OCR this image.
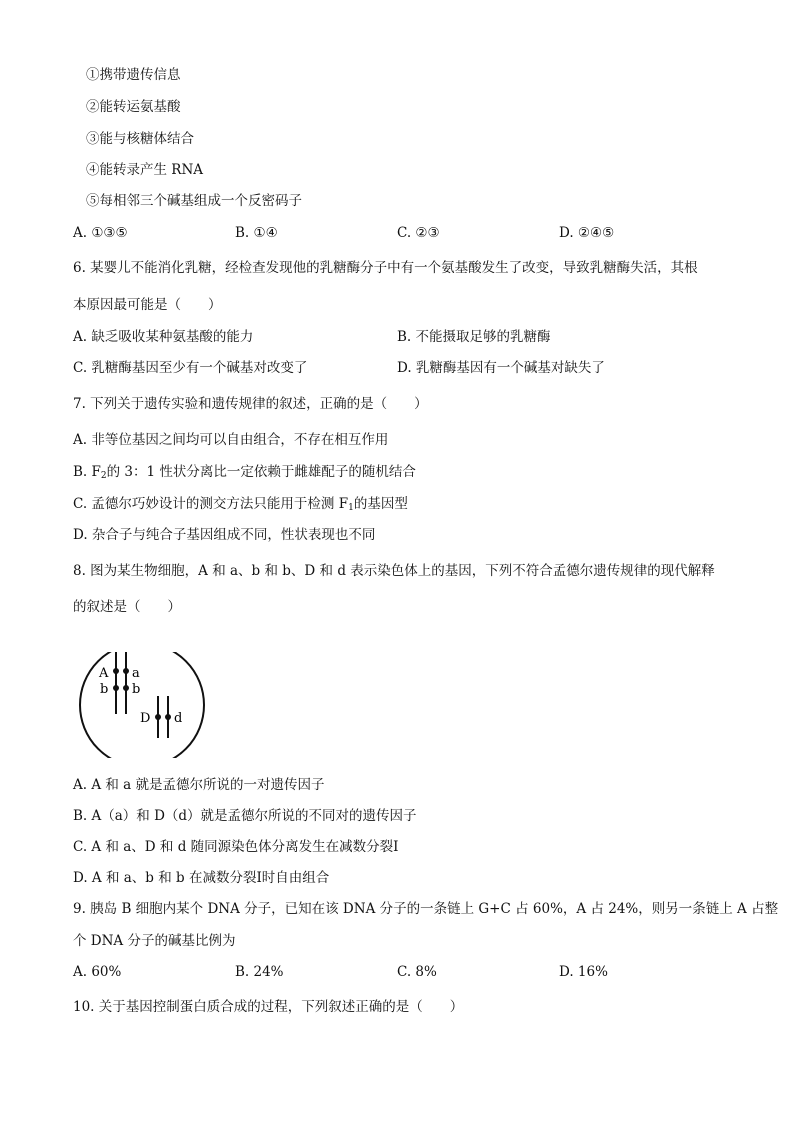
①携带遗传信息
②能转运氨基酸
③能与核糖体结合
④能转录产生 RNA
⑤每相邻三个碱基组成一个反密码子
A. ①③⑤	B. ①④	C. ②③	D. ②④⑤
6. 某婴儿不能消化乳糖，经检查发现他的乳糖酶分子中有一个氨基酸发生了改变，导致乳糖酶失活，其根
本原因最可能是（　　）
A. 缺乏吸收某种氨基酸的能力	B. 不能摄取足够的乳糖酶
C. 乳糖酶基因至少有一个碱基对改变了	D. 乳糖酶基因有一个碱基对缺失了
7. 下列关于遗传实验和遗传规律的叙述，正确的是（　　）
A. 非等位基因之间均可以自由组合，不存在相互作用
B. $F_2$的 3：1 性状分离比一定依赖于雌雄配子的随机结合
C. 孟德尔巧妙设计的测交方法只能用于检测 $F_1$的基因型
D. 杂合子与纯合子基因组成不同，性状表现也不同
8. 图为某生物细胞，A 和 a、b 和 b、D 和 d 表示染色体上的基因，下列不符合孟德尔遗传规律的现代解释
的叙述是（　　）
A a
b b
D d
A. A 和 a 就是孟德尔所说的一对遗传因子
B. A（a）和 D（d）就是孟德尔所说的不同对的遗传因子
C. A 和 a、D 和 d 随同源染色体分离发生在减数分裂Ⅰ
D. A 和 a、b 和 b 在减数分裂Ⅰ时自由组合
9. 胰岛 B 细胞内某个 DNA 分子，已知在该 DNA 分子的一条链上 G+C 占 60%，A 占 24%，则另一条链上 A 占整
个 DNA 分子的碱基比例为
A. 60%	B. 24%	C. 8%	D. 16%
10. 关于基因控制蛋白质合成的过程，下列叙述正确的是（　　）
